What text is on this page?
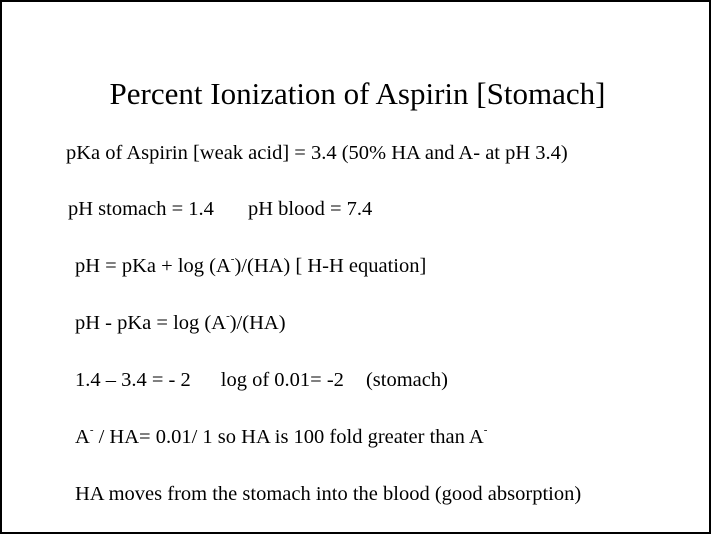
Percent Ionization of Aspirin [Stomach]
pKa of Aspirin [weak acid] = 3.4 (50% HA and A- at pH 3.4)
pH stomach = 1.4 pH blood = 7.4
pH = pKa + log (A-)/(HA) [ H-H equation]
pH - pKa = log (A-)/(HA)
1.4 – 3.4 = - 2 log of 0.01= -2 (stomach)
A- / HA= 0.01/ 1 so HA is 100 fold greater than A-
HA moves from the stomach into the blood (good absorption)
